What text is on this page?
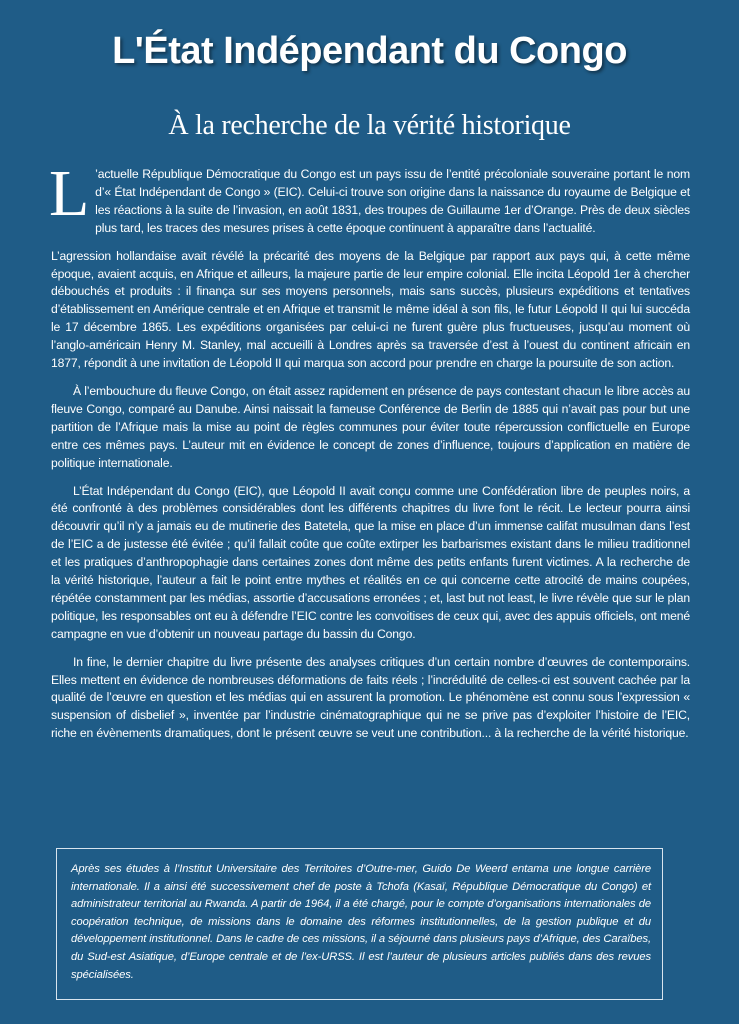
L'État Indépendant du Congo
À la recherche de la vérité historique

L ’actuelle République Démocratique du Congo est un pays issu de l’entité précoloniale souveraine portant le nom d’« État Indépendant de Congo » (EIC). Celui-ci trouve son origine dans la naissance du royaume de Belgique et les réactions à la suite de l’invasion, en août 1831, des troupes de Guillaume 1er d’Orange. Près de deux siècles plus tard, les traces des mesures prises à cette époque continuent à apparaître dans l’actualité.

L’agression hollandaise avait révélé la précarité des moyens de la Belgique par rapport aux pays qui, à cette même époque, avaient acquis, en Afrique et ailleurs, la majeure partie de leur empire colonial. Elle incita Léopold 1er à chercher débouchés et produits : il finança sur ses moyens personnels, mais sans succès, plusieurs expéditions et tentatives d’établissement en Amérique centrale et en Afrique et transmit le même idéal à son fils, le futur Léopold II qui lui succéda le 17 décembre 1865. Les expéditions organisées par celui-ci ne furent guère plus fructueuses, jusqu’au moment où l’anglo-américain Henry M. Stanley, mal accueilli à Londres après sa traversée d’est à l’ouest du continent africain en 1877, répondit à une invitation de Léopold II qui marqua son accord pour prendre en charge la poursuite de son action.

À l’embouchure du fleuve Congo, on était assez rapidement en présence de pays contestant chacun le libre accès au fleuve Congo, comparé au Danube. Ainsi naissait la fameuse Conférence de Berlin de 1885 qui n’avait pas pour but une partition de l’Afrique mais la mise au point de règles communes pour éviter toute répercussion conflictuelle en Europe entre ces mêmes pays. L’auteur mit en évidence le concept de zones d’influence, toujours d’application en matière de politique internationale.

L’État Indépendant du Congo (EIC), que Léopold II avait conçu comme une Confédération libre de peuples noirs, a été confronté à des problèmes considérables dont les différents chapitres du livre font le récit. Le lecteur pourra ainsi découvrir qu’il n’y a jamais eu de mutinerie des Batetela, que la mise en place d’un immense califat musulman dans l’est de l’EIC a de justesse été évitée ; qu’il fallait coûte que coûte extirper les barbarismes existant dans le milieu traditionnel et les pratiques d’anthropophagie dans certaines zones dont même des petits enfants furent victimes. A la recherche de la vérité historique, l’auteur a fait le point entre mythes et réalités en ce qui concerne cette atrocité de mains coupées, répétée constamment par les médias, assortie d’accusations erronées ; et, last but not least, le livre révèle que sur le plan politique, les responsables ont eu à défendre l’EIC contre les convoitises de ceux qui, avec des appuis officiels, ont mené campagne en vue d’obtenir un nouveau partage du bassin du Congo.

In fine, le dernier chapitre du livre présente des analyses critiques d’un certain nombre d’œuvres de contemporains. Elles mettent en évidence de nombreuses déformations de faits réels ; l’incrédulité de celles-ci est souvent cachée par la qualité de l’œuvre en question et les médias qui en assurent la promotion. Le phénomène est connu sous l’expression « suspension of disbelief », inventée par l’industrie cinématographique qui ne se prive pas d’exploiter l’histoire de l’EIC, riche en évènements dramatiques, dont le présent œuvre se veut une contribution... à la recherche de la vérité historique.

Après ses études à l’Institut Universitaire des Territoires d’Outre-mer, Guido De Weerd entama une longue carrière internationale. Il a ainsi été successivement chef de poste à Tchofa (Kasaï, République Démocratique du Congo) et administrateur territorial au Rwanda. A partir de 1964, il a été chargé, pour le compte d’organisations internationales de coopération technique, de missions dans le domaine des réformes institutionnelles, de la gestion publique et du développement institutionnel. Dans le cadre de ces missions, il a séjourné dans plusieurs pays d’Afrique, des Caraïbes, du Sud-est Asiatique, d’Europe centrale et de l’ex-URSS. Il est l’auteur de plusieurs articles publiés dans des revues spécialisées.
